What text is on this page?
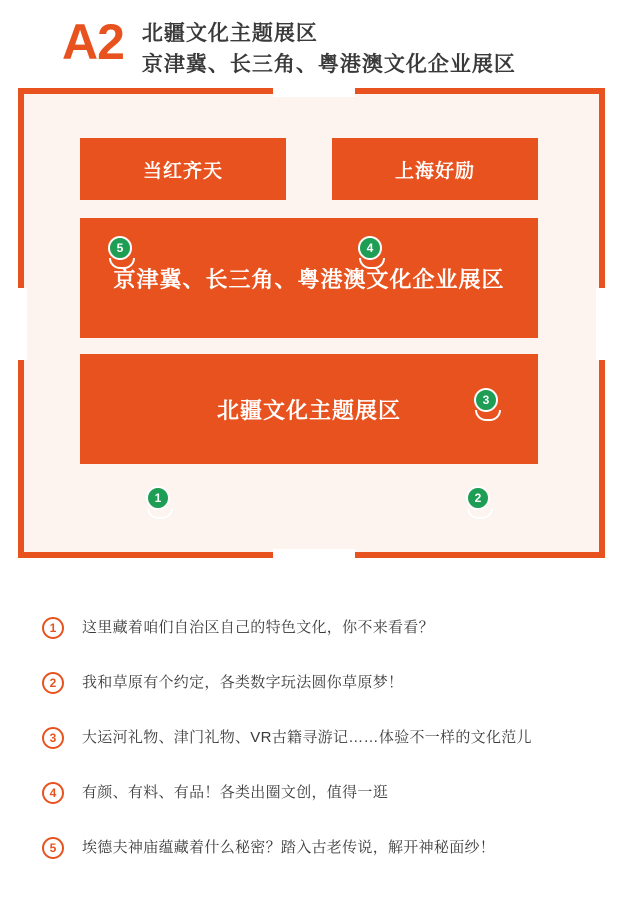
A2 北疆文化主题展区
京津冀、长三角、粤港澳文化企业展区
当红齐天	上海好励
京津冀、长三角、粤港澳文化企业展区
北疆文化主题展区
5	4
3
1	2
1	这里藏着咱们自治区自己的特色文化，你不来看看？
2	我和草原有个约定，各类数字玩法圆你草原梦！
3	大运河礼物、津门礼物、VR古籍寻游记……体验不一样的文化范儿
4	有颜、有料、有品！各类出圈文创，值得一逛
5	埃德夫神庙蕴藏着什么秘密？踏入古老传说，解开神秘面纱！
